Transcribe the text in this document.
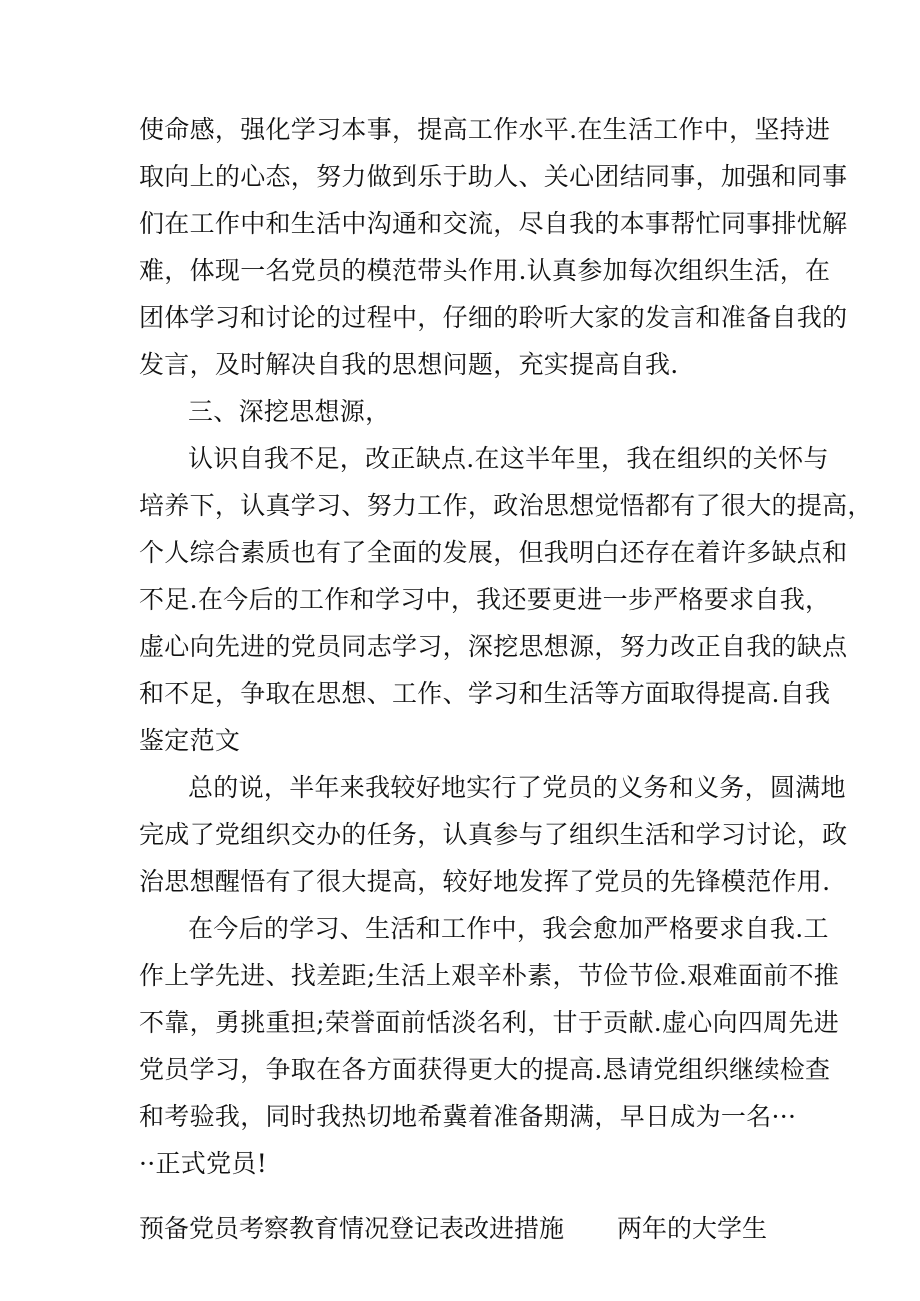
使命感，强化学习本事，提高工作水平.在生活工作中，坚持进
取向上的心态，努力做到乐于助人、关心团结同事，加强和同事
们在工作中和生活中沟通和交流，尽自我的本事帮忙同事排忧解
难，体现一名党员的模范带头作用.认真参加每次组织生活，在
团体学习和讨论的过程中，仔细的聆听大家的发言和准备自我的
发言，及时解决自我的思想问题，充实提高自我.
三、深挖思想源，
认识自我不足，改正缺点.在这半年里，我在组织的关怀与
培养下，认真学习、努力工作，政治思想觉悟都有了很大的提高，
个人综合素质也有了全面的发展，但我明白还存在着许多缺点和
不足.在今后的工作和学习中，我还要更进一步严格要求自我，
虚心向先进的党员同志学习，深挖思想源，努力改正自我的缺点
和不足，争取在思想、工作、学习和生活等方面取得提高.自我
鉴定范文
总的说，半年来我较好地实行了党员的义务和义务，圆满地
完成了党组织交办的任务，认真参与了组织生活和学习讨论，政
治思想醒悟有了很大提高，较好地发挥了党员的先锋模范作用.
在今后的学习、生活和工作中，我会愈加严格要求自我.工
作上学先进、找差距;生活上艰辛朴素，节俭节俭.艰难面前不推
不靠，勇挑重担;荣誉面前恬淡名利，甘于贡献.虚心向四周先进
党员学习，争取在各方面获得更大的提高.恳请党组织继续检查
和考验我，同时我热切地希冀着准备期满，早日成为一名···
··正式党员!
预备党员考察教育情况登记表改进措施 两年的大学生
